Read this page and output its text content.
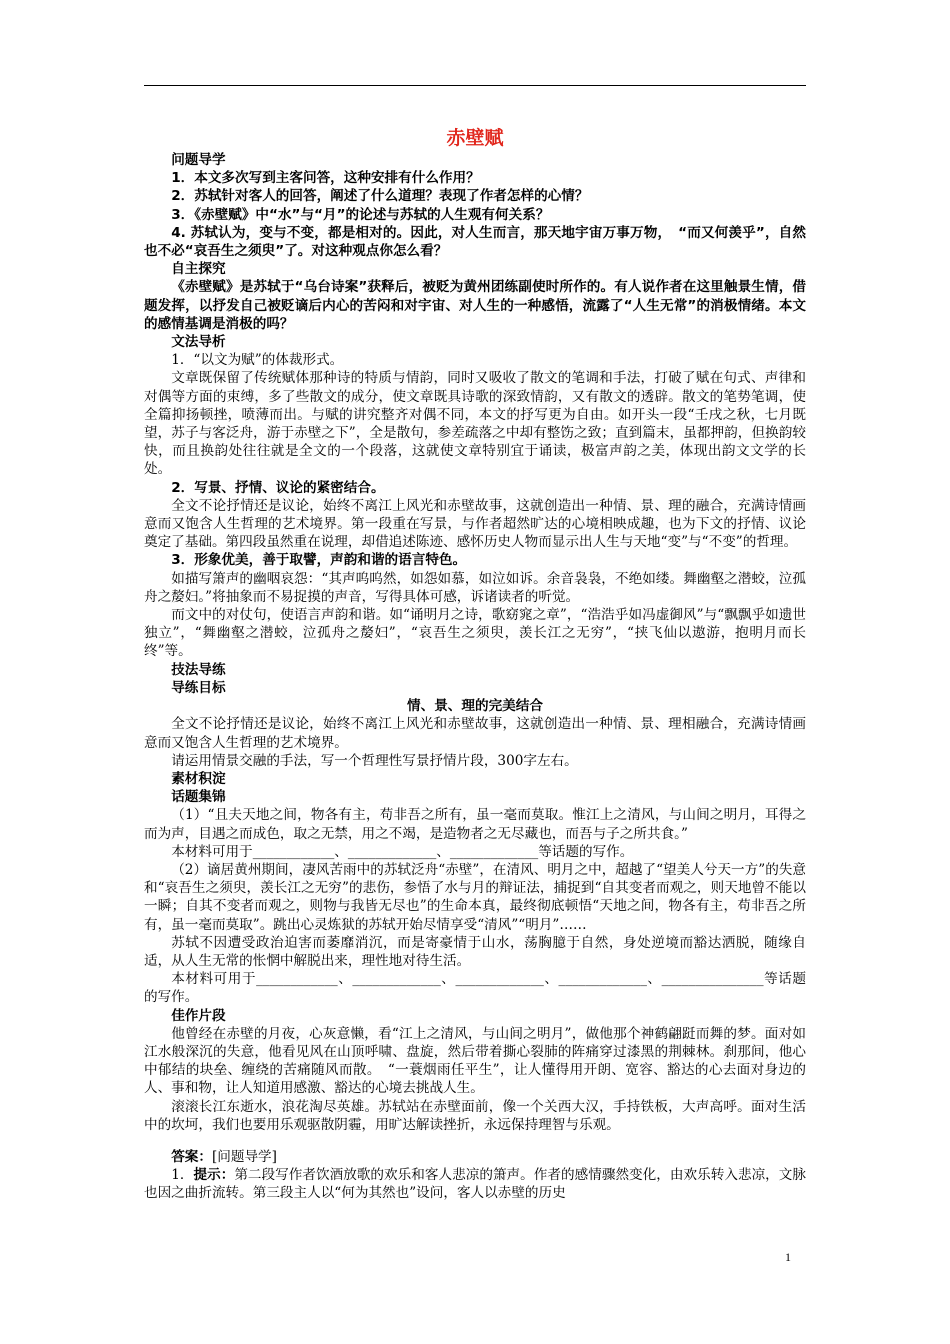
赤壁赋

问题导学

1．本文多次写到主客问答，这种安排有什么作用？

2．苏轼针对客人的回答，阐述了什么道理？表现了作者怎样的心情？

3．《赤壁赋》中“水”与“月”的论述与苏轼的人生观有何关系？

4. 苏轼认为，变与不变，都是相对的。因此，对人生而言，那天地宇宙万事万物，　“而又何羡乎”，自然也不必“哀吾生之须臾”了。对这种观点你怎么看？

自主探究

《赤壁赋》是苏轼于“乌台诗案”获释后，被贬为黄州团练副使时所作的。有人说作者在这里触景生情，借题发挥，以抒发自己被贬谪后内心的苦闷和对宇宙、对人生的一种感悟，流露了“人生无常”的消极情绪。本文的感情基调是消极的吗？

文法导析

1．“以文为赋”的体裁形式。

文章既保留了传统赋体那种诗的特质与情韵，同时又吸收了散文的笔调和手法，打破了赋在句式、声律和对偶等方面的束缚，多了些散文的成分，使文章既具诗歌的深致情韵，又有散文的透辟。散文的笔势笔调，使全篇抑扬顿挫，喷薄而出。与赋的讲究整齐对偶不同，本文的抒写更为自由。如开头一段“壬戌之秋，七月既望，苏子与客泛舟，游于赤壁之下”，全是散句，参差疏落之中却有整饬之致；直到篇末，虽都押韵，但换韵较快，而且换韵处往往就是全文的一个段落，这就使文章特别宜于诵读，极富声韵之美，体现出韵文文学的长处。

2．写景、抒情、议论的紧密结合。

全文不论抒情还是议论，始终不离江上风光和赤壁故事，这就创造出一种情、景、理的融合，充满诗情画意而又饱含人生哲理的艺术境界。第一段重在写景，与作者超然旷达的心境相映成趣，也为下文的抒情、议论奠定了基础。第四段虽然重在说理，却借追述陈迹、感怀历史人物而显示出人生与天地“变”与“不变”的哲理。

3．形象优美，善于取譬，声韵和谐的语言特色。

如描写箫声的幽咽哀怨：“其声呜呜然，如怨如慕，如泣如诉。余音袅袅，不绝如缕。舞幽壑之潜蛟，泣孤舟之嫠妇。”将抽象而不易捉摸的声音，写得具体可感，诉诸读者的听觉。

而文中的对仗句，使语言声韵和谐。如“诵明月之诗，歌窈窕之章”，“浩浩乎如冯虚御风”与“飘飘乎如遗世独立”，“舞幽壑之潜蛟，泣孤舟之嫠妇”，“哀吾生之须臾，羡长江之无穷”，“挟飞仙以遨游，抱明月而长终”等。

技法导练

导练目标

情、景、理的完美结合

全文不论抒情还是议论，始终不离江上风光和赤壁故事，这就创造出一种情、景、理相融合，充满诗情画意而又饱含人生哲理的艺术境界。

请运用情景交融的手法，写一个哲理性写景抒情片段，300字左右。

素材积淀

话题集锦

（1）“且夫天地之间，物各有主，苟非吾之所有，虽一毫而莫取。惟江上之清风，与山间之明月，耳得之而为声，目遇之而成色，取之无禁，用之不竭，是造物者之无尽藏也，而吾与子之所共食。”

本材料可用于____________、_____________、_____________等话题的写作。

（2）谪居黄州期间，凄风苦雨中的苏轼泛舟“赤壁”，在清风、明月之中，超越了“望美人兮天一方”的失意和“哀吾生之须臾，羡长江之无穷”的悲伤，参悟了水与月的辩证法，捕捉到“自其变者而观之，则天地曾不能以一瞬；自其不变者而观之，则物与我皆无尽也”的生命本真，最终彻底顿悟“天地之间，物各有主，苟非吾之所有，虽一毫而莫取”。跳出心灵炼狱的苏轼开始尽情享受“清风”“明月”……

苏轼不因遭受政治迫害而萎靡消沉，而是寄豪情于山水，荡胸臆于自然，身处逆境而豁达洒脱，随缘自适，从人生无常的怅惘中解脱出来，理性地对待生活。

本材料可用于____________、_____________、_____________、_____________、_______________等话题的写作。

佳作片段

他曾经在赤壁的月夜，心灰意懒，看“江上之清风，与山间之明月”，做他那个神鹤翩跹而舞的梦。面对如江水般深沉的失意，他看见风在山顶呼啸、盘旋，然后带着撕心裂肺的阵痛穿过漆黑的荆棘林。刹那间，他心中郁结的块垒、缠绕的苦痛随风而散。　“一蓑烟雨任平生”，让人懂得用开朗、宽容、豁达的心去面对身边的人、事和物，让人知道用感激、豁达的心境去挑战人生。

滚滚长江东逝水，浪花淘尽英雄。苏轼站在赤壁面前，像一个关西大汉，手持铁板，大声高呼。面对生活中的坎坷，我们也要用乐观驱散阴霾，用旷达解读挫折，永远保持理智与乐观。

答案：[问题导学]

1．提示：第二段写作者饮酒放歌的欢乐和客人悲凉的箫声。作者的感情骤然变化，由欢乐转入悲凉，文脉也因之曲折流转。第三段主人以“何为其然也”设问，客人以赤壁的历史

1
